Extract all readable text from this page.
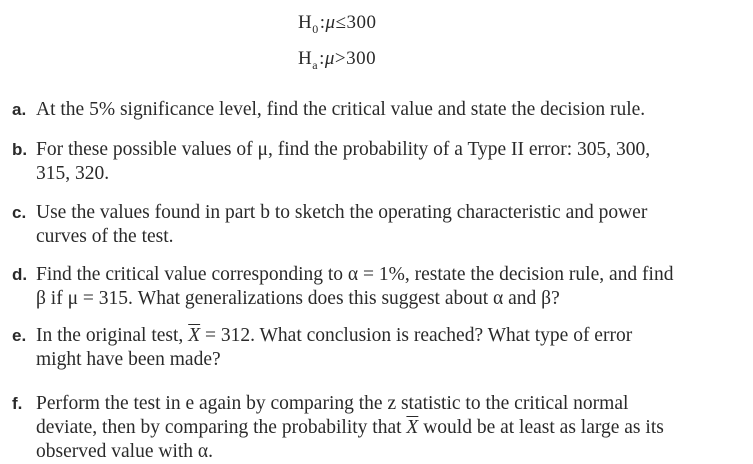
$H_0:\mu\le 300$
$H_a:\mu>300$
a. At the 5% significance level, find the critical value and state the decision rule.
b. For these possible values of μ, find the probability of a Type II error: 305, 300,
315, 320.
c. Use the values found in part b to sketch the operating characteristic and power
curves of the test.
d. Find the critical value corresponding to α = 1%, restate the decision rule, and find
β if μ = 315. What generalizations does this suggest about α and β?
e. In the original test, $\overline{X} = 312$. What conclusion is reached? What type of error
might have been made?
f. Perform the test in e again by comparing the z statistic to the critical normal
deviate, then by comparing the probability that $\overline{X}$ would be at least as large as its
observed value with α.
